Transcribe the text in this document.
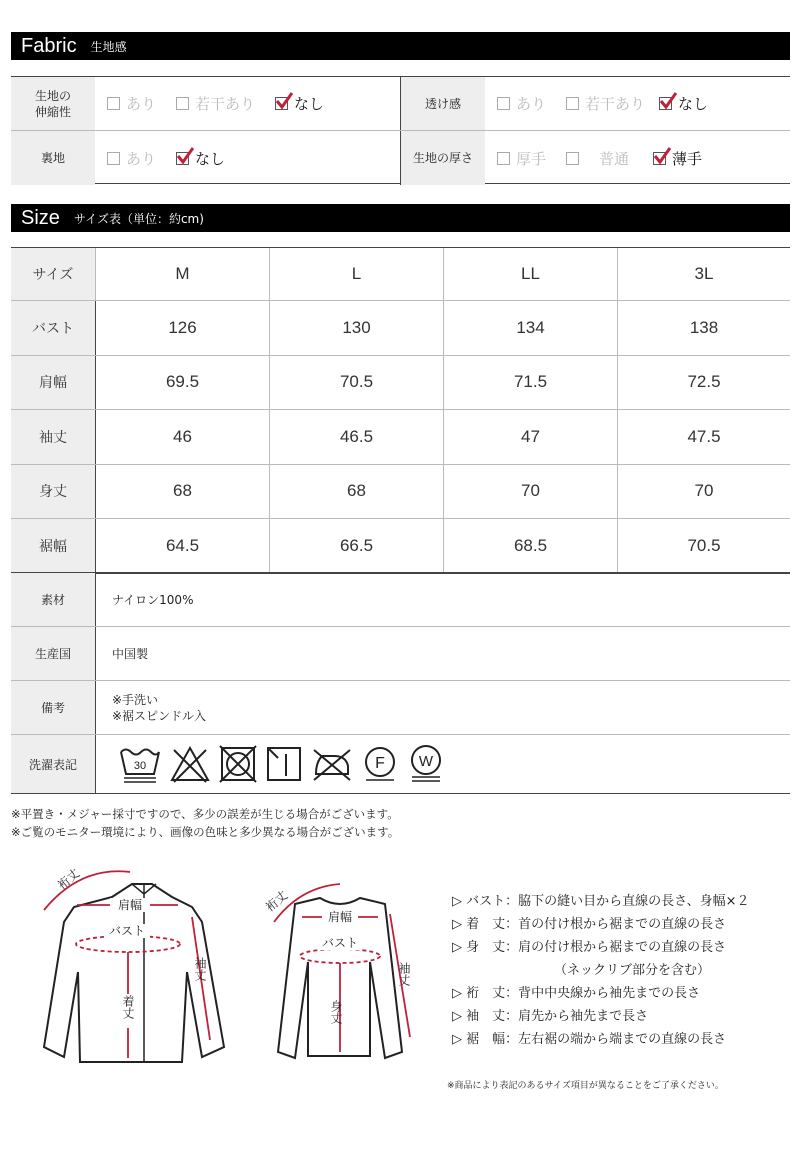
Fabric 生地感
生地の
伸縮性	あり	若干あり	なし	透け感	あり	若干あり なし
裏地	あり	なし	生地の厚さ	厚手	普通	薄手
Size サイズ表（単位：約cm)
サイズ	M	L	LL	3L
バスト	126	130	134	138
肩幅	69.5	70.5	71.5	72.5
袖丈	46	46.5	47	47.5
身丈	68	68	70	70
裾幅	64.5	66.5	68.5	70.5
素材	ナイロン100%
生産国	中国製
備考
※手洗い
※裾スピンドル入
洗濯表記	30	F W
※平置き・メジャー採寸ですので、多少の誤差が生じる場合がございます。
※ご覧のモニター環境により、画像の色味と多少異なる場合がございます。
肩幅
バスト
着丈
袖丈
裄丈
肩幅
バスト
身丈
袖丈
裄丈	▷ バスト：脇下の縫い目から直線の長さ、身幅×２
▷ 着　丈：首の付け根から裾までの直線の長さ
▷ 身　丈：肩の付け根から裾までの直線の長さ
（ネックリブ部分を含む）
▷ 裄　丈：背中中央線から袖先までの長さ
▷ 袖　丈：肩先から袖先まで長さ
▷ 裾　幅：左右裾の端から端までの直線の長さ
※商品により表記のあるサイズ項目が異なることをご了承ください。
